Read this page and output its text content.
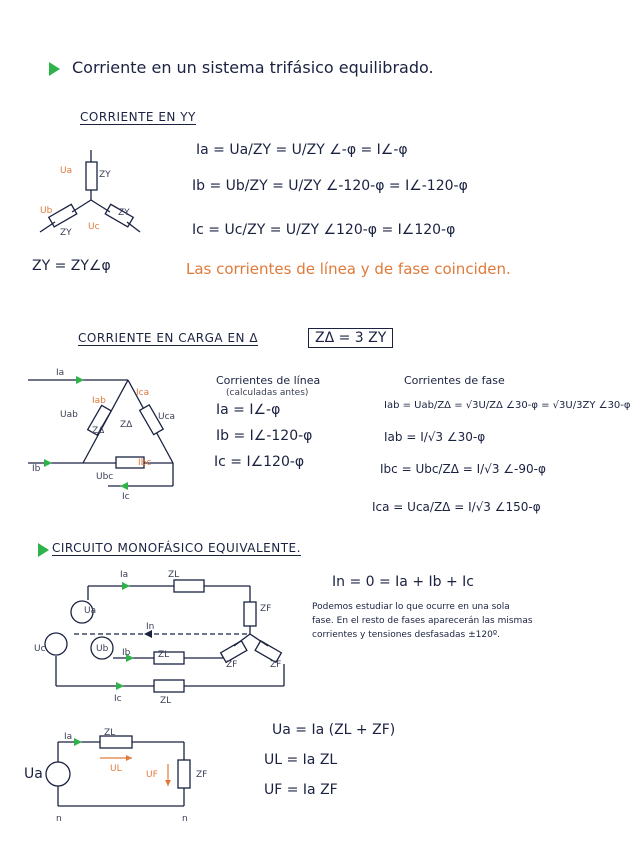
Corriente en un sistema trifásico equilibrado.
CORRIENTE EN YY
Ua	ZY
Ub
ZY
Uc
ZY
Ia = Ua/ZY = U/ZY ∠-φ = I∠-φ
Ib = Ub/ZY = U/ZY ∠-120-φ = I∠-120-φ
Ic = Uc/ZY = U/ZY ∠120-φ = I∠120-φ
ZY = ZY∠φ	Las corrientes de línea y de fase coinciden.
CORRIENTE EN CARGA EN Δ	ZΔ = 3 ZY
Ia
Iab
Ica
Uab	Uca
ZΔ
ZΔ
Ib
Ibc
Ubc
Ic
Corrientes de línea
(calculadas antes)
Ia = I∠-φ
Ib = I∠-120-φ
Ic = I∠120-φ
Corrientes de fase
Iab = Uab/ZΔ = √3U/ZΔ ∠30-φ = √3U/3ZY ∠30-φ
Iab = I/√3 ∠30-φ
Ibc = Ubc/ZΔ = I/√3 ∠-90-φ
Ica = Uca/ZΔ = I/√3 ∠150-φ
CIRCUITO MONOFÁSICO EQUIVALENTE.
Ia	ZL
Ua	ZF
In
Uc	Ub Ib	ZL
ZF	ZF
Ic	ZL
In = 0 = Ia + Ib + Ic
Podemos estudiar lo que ocurre en una sola
fase. En el resto de fases aparecerán las mismas
corrientes y tensiones desfasadas ±120º.
Ia	ZL
UL
UF	ZF
Ua
n	n
Ua = Ia (ZL + ZF)
UL = Ia ZL
UF = Ia ZF
